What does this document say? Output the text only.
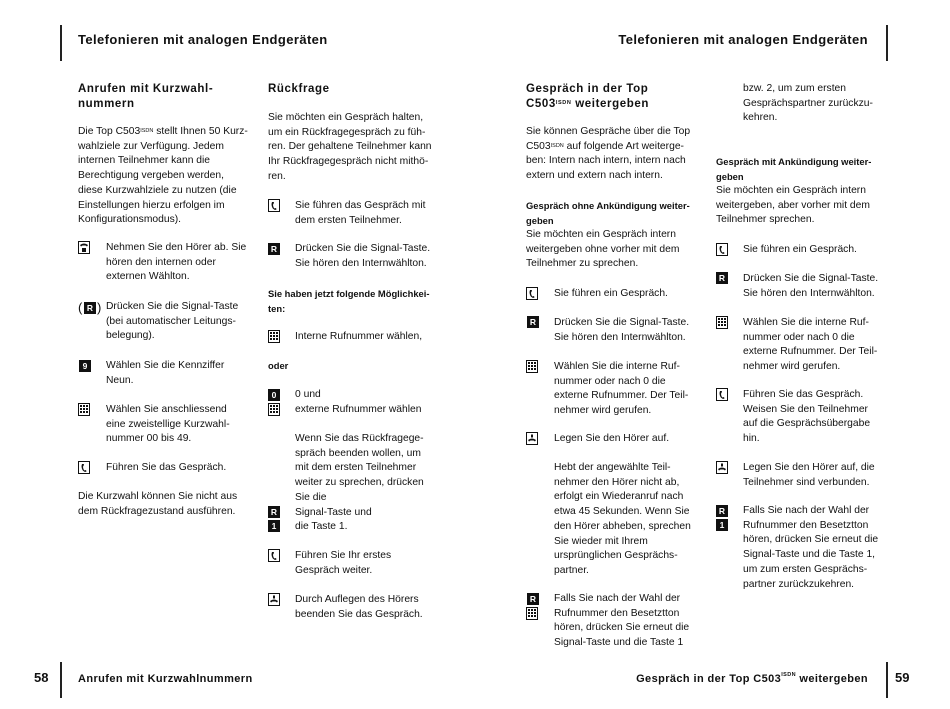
Telefonieren mit analogen Endgeräten	Telefonieren mit analogen Endgeräten
58	Anrufen mit Kurzwahlnummern	Gespräch in der Top $C503^{ISDN}$ weitergeben 59
Anrufen mit Kurzwahl-
nummern
Die Top $C503^{ISDN}$ stellt Ihnen 50 Kurz-
wahlziele zur Verfügung. Jedem
internen Teilnehmer kann die
Berechtigung vergeben werden,
diese Kurzwahlziele zu nutzen (die
Einstellungen hierzu erfolgen im
Konfigurationsmodus).
Nehmen Sie den Hörer ab. Sie
hören den internen oder
externen Wählton.
( R ) Drücken Sie die Signal-Taste
(bei automatischer Leitungs-
belegung).
9	Wählen Sie die Kennziffer
Neun.
Wählen Sie anschliessend
eine zweistellige Kurzwahl-
nummer 00 bis 49.
Führen Sie das Gespräch.
Die Kurzwahl können Sie nicht aus
dem Rückfragezustand ausführen.
Rückfrage
Sie möchten ein Gespräch halten,
um ein Rückfragegespräch zu füh-
ren. Der gehaltene Teilnehmer kann
Ihr Rückfragegespräch nicht mithö-
ren.
Sie führen das Gespräch mit
dem ersten Teilnehmer.
R Drücken Sie die Signal-Taste.
Sie hören den Internwählton.
Sie haben jetzt folgende Möglichkei-
ten:
Interne Rufnummer wählen,
oder
0	0 und
externe Rufnummer wählen
Wenn Sie das Rückfragege-
spräch beenden wollen, um
mit dem ersten Teilnehmer
weiter zu sprechen, drücken
Sie die
Signal-Taste und
die Taste 1.
R
1
Führen Sie Ihr erstes
Gespräch weiter.
Durch Auflegen des Hörers
beenden Sie das Gespräch.
Gespräch in der Top
$C503^{ISDN}$ weitergeben
Sie können Gespräche über die Top
$C503^{ISDN}$ auf folgende Art weiterge-
ben: Intern nach intern, intern nach
extern und extern nach intern.
Gespräch ohne Ankündigung weiter-
geben
Sie möchten ein Gespräch intern
weitergeben ohne vorher mit dem
Teilnehmer zu sprechen.
Sie führen ein Gespräch.
R Drücken Sie die Signal-Taste.
Sie hören den Internwählton.
Wählen Sie die interne Ruf-
nummer oder nach 0 die
externe Rufnummer. Der Teil-
nehmer wird gerufen.
Legen Sie den Hörer auf.
Hebt der angewählte Teil-
nehmer den Hörer nicht ab,
erfolgt ein Wiederanruf nach
etwa 45 Sekunden. Wenn Sie
den Hörer abheben, sprechen
Sie wieder mit Ihrem
ursprünglichen Gesprächs-
partner.
R Falls Sie nach der Wahl der
Rufnummer den Besetztton
hören, drücken Sie erneut die
Signal-Taste und die Taste 1
bzw. 2, um zum ersten
Gesprächspartner zurückzu-
kehren.
Gespräch mit Ankündigung weiter-
geben
Sie möchten ein Gespräch intern
weitergeben, aber vorher mit dem
Teilnehmer sprechen.
Sie führen ein Gespräch.
R Drücken Sie die Signal-Taste.
Sie hören den Internwählton.
Wählen Sie die interne Ruf-
nummer oder nach 0 die
externe Rufnummer. Der Teil-
nehmer wird gerufen.
Führen Sie das Gespräch.
Weisen Sie den Teilnehmer
auf die Gesprächsübergabe
hin.
Legen Sie den Hörer auf, die
Teilnehmer sind verbunden.
R
1
Falls Sie nach der Wahl der
Rufnummer den Besetztton
hören, drücken Sie erneut die
Signal-Taste und die Taste 1,
um zum ersten Gesprächs-
partner zurückzukehren.
